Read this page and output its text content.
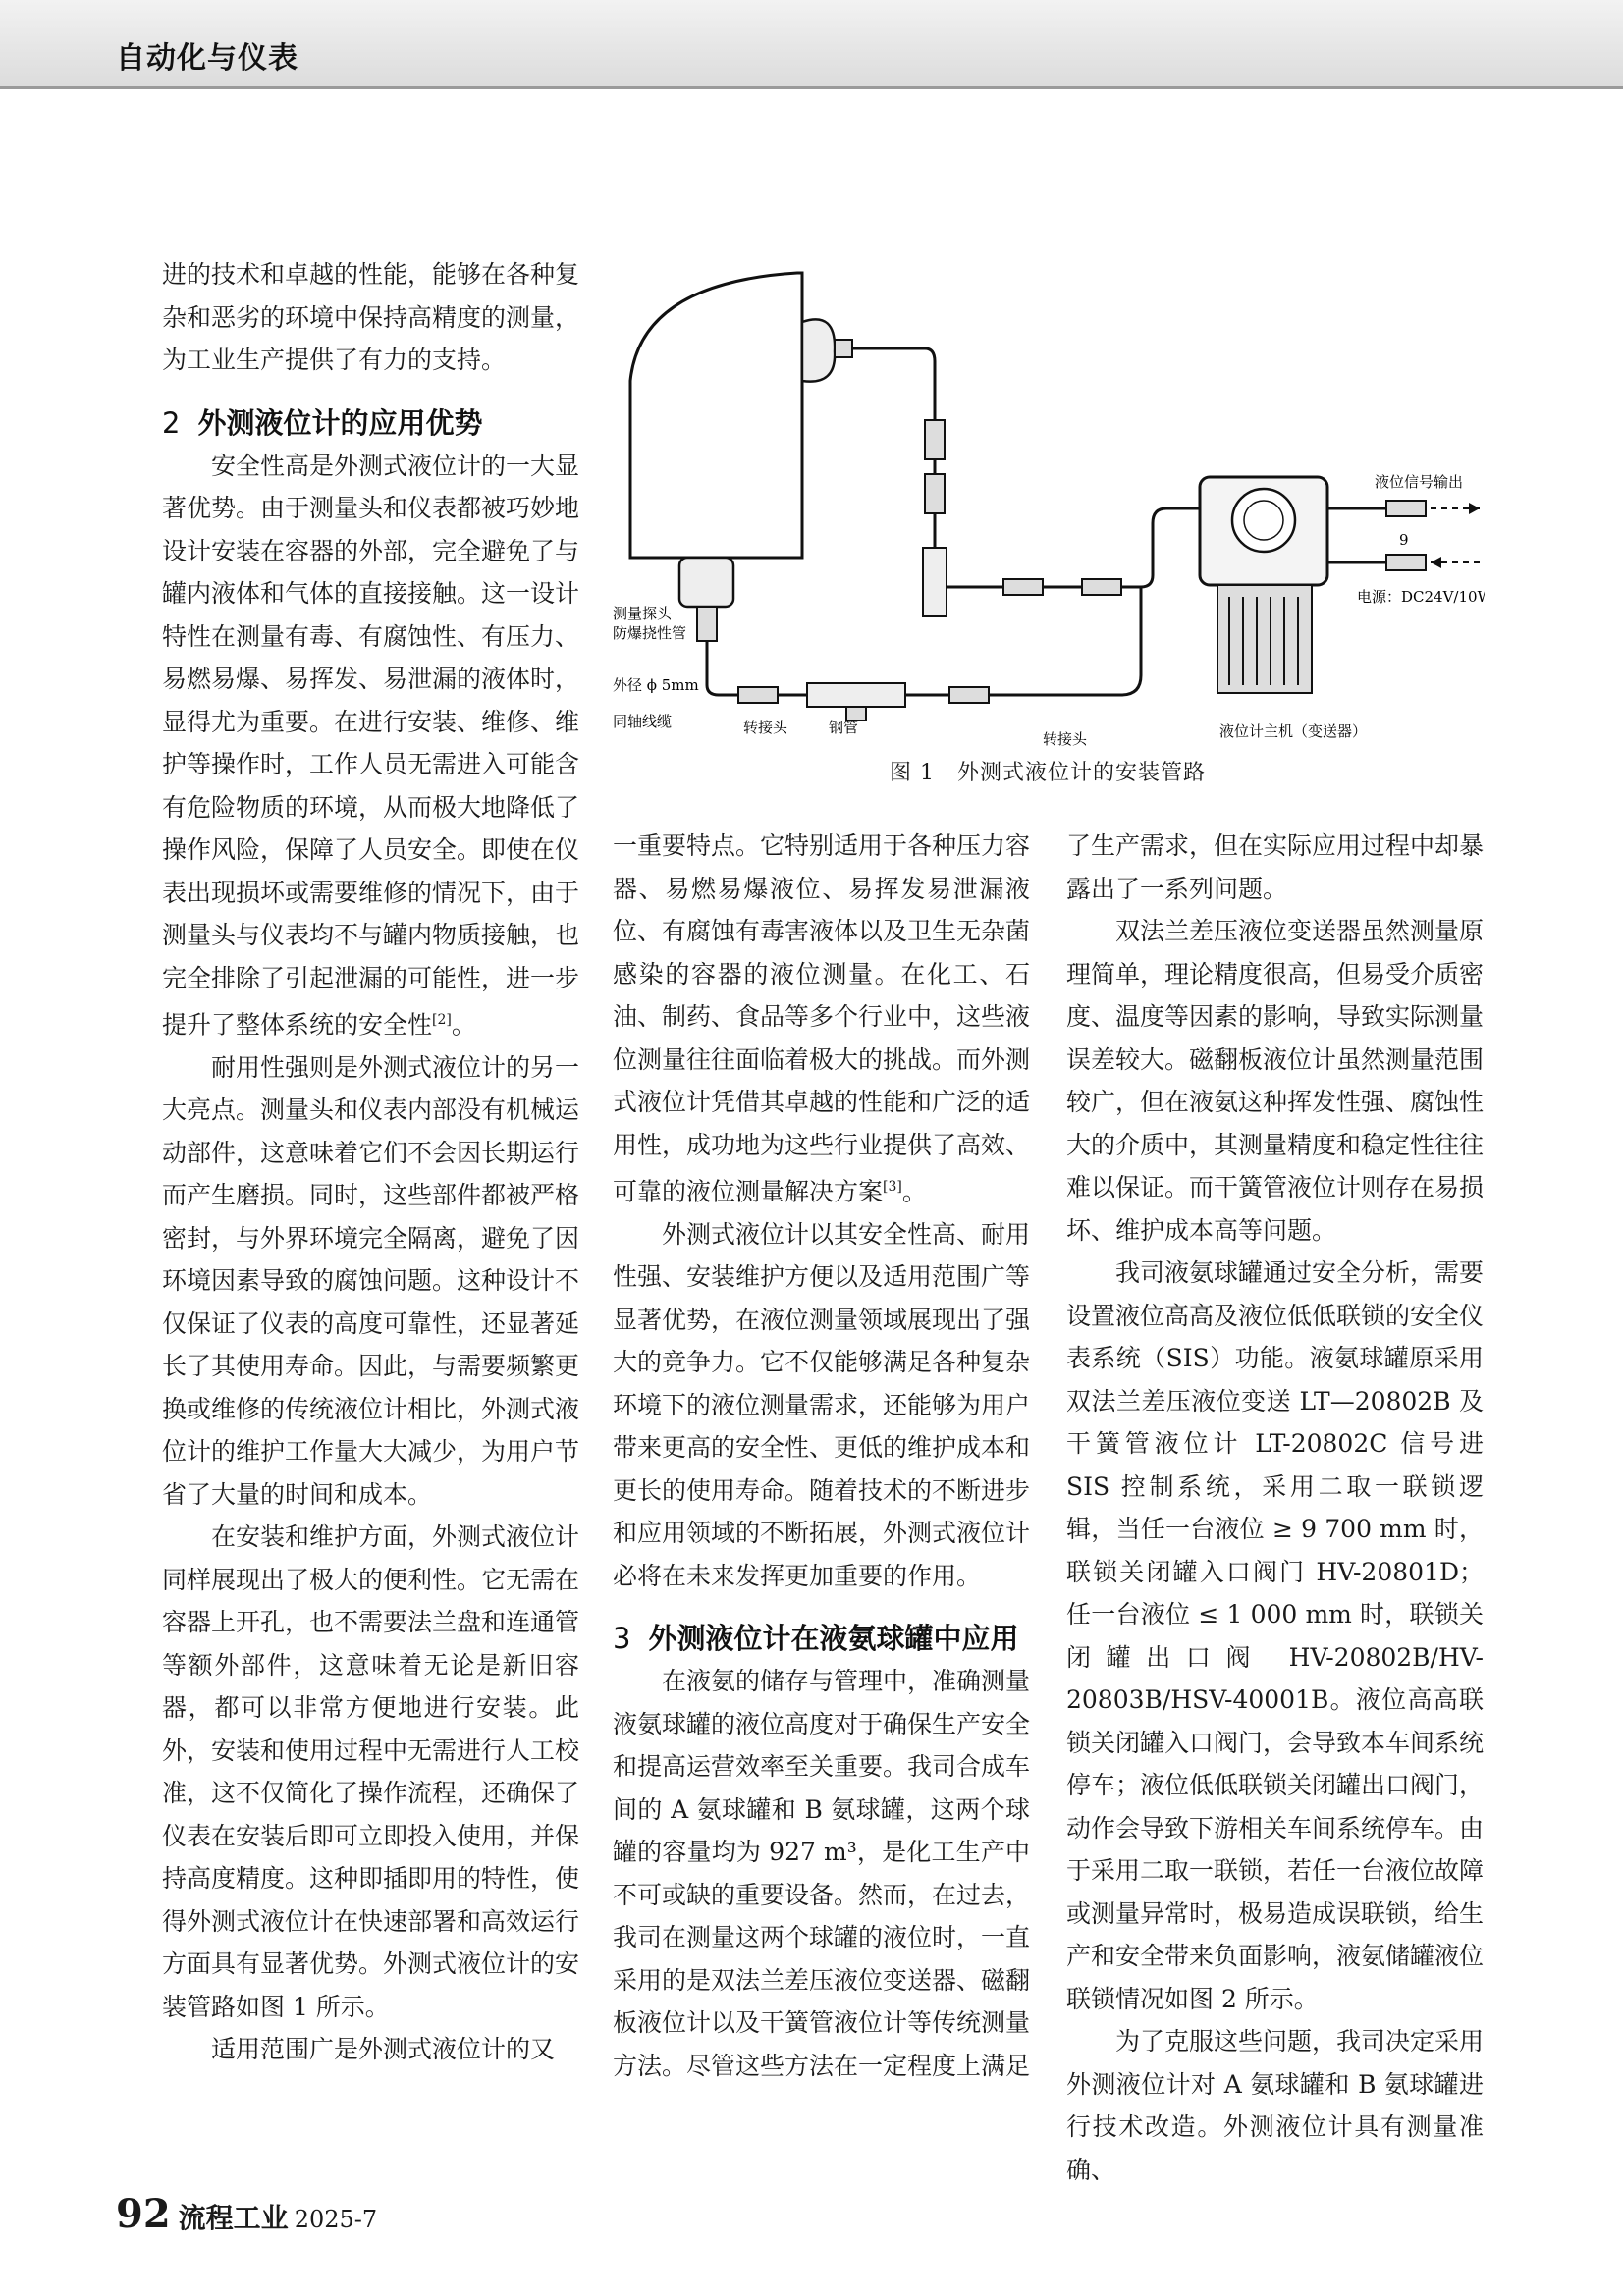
自动化与仪表
测量探头
防爆挠性管
外径 ϕ 5mm
同轴线缆	转接头	钢管
转接头	液位计主机（变送器）
液位信号输出
9
电源：DC24V/10W
图 1　外测式液位计的安装管路

进的技术和卓越的性能，能够在各种复杂和恶劣的环境中保持高精度的测量，为工业生产提供了有力的支持。

2 外测液位计的应用优势

安全性高是外测式液位计的一大显著优势。由于测量头和仪表都被巧妙地设计安装在容器的外部，完全避免了与罐内液体和气体的直接接触。这一设计特性在测量有毒、有腐蚀性、有压力、易燃易爆、易挥发、易泄漏的液体时，显得尤为重要。在进行安装、维修、维护等操作时，工作人员无需进入可能含有危险物质的环境，从而极大地降低了操作风险，保障了人员安全。即使在仪表出现损坏或需要维修的情况下，由于测量头与仪表均不与罐内物质接触，也完全排除了引起泄漏的可能性，进一步提升了整体系统的安全性[2]。

耐用性强则是外测式液位计的另一大亮点。测量头和仪表内部没有机械运动部件，这意味着它们不会因长期运行而产生磨损。同时，这些部件都被严格密封，与外界环境完全隔离，避免了因环境因素导致的腐蚀问题。这种设计不仅保证了仪表的高度可靠性，还显著延长了其使用寿命。因此，与需要频繁更换或维修的传统液位计相比，外测式液位计的维护工作量大大减少，为用户节省了大量的时间和成本。

在安装和维护方面，外测式液位计同样展现出了极大的便利性。它无需在容器上开孔，也不需要法兰盘和连通管等额外部件，这意味着无论是新旧容器，都可以非常方便地进行安装。此外，安装和使用过程中无需进行人工校准，这不仅简化了操作流程，还确保了仪表在安装后即可立即投入使用，并保持高度精度。这种即插即用的特性，使得外测式液位计在快速部署和高效运行方面具有显著优势。外测式液位计的安装管路如图 1 所示。

适用范围广是外测式液位计的又

一重要特点。它特别适用于各种压力容器、易燃易爆液位、易挥发易泄漏液位、有腐蚀有毒害液体以及卫生无杂菌感染的容器的液位测量。在化工、石油、制药、食品等多个行业中，这些液位测量往往面临着极大的挑战。而外测式液位计凭借其卓越的性能和广泛的适用性，成功地为这些行业提供了高效、可靠的液位测量解决方案[3]。

外测式液位计以其安全性高、耐用性强、安装维护方便以及适用范围广等显著优势，在液位测量领域展现出了强大的竞争力。它不仅能够满足各种复杂环境下的液位测量需求，还能够为用户带来更高的安全性、更低的维护成本和更长的使用寿命。随着技术的不断进步和应用领域的不断拓展，外测式液位计必将在未来发挥更加重要的作用。

3 外测液位计在液氨球罐中应用

在液氨的储存与管理中，准确测量液氨球罐的液位高度对于确保生产安全和提高运营效率至关重要。我司合成车间的 A 氨球罐和 B 氨球罐，这两个球罐的容量均为 927 m³，是化工生产中不可或缺的重要设备。然而，在过去，我司在测量这两个球罐的液位时，一直采用的是双法兰差压液位变送器、磁翻板液位计以及干簧管液位计等传统测量方法。尽管这些方法在一定程度上满足

了生产需求，但在实际应用过程中却暴露出了一系列问题。

双法兰差压液位变送器虽然测量原理简单，理论精度很高，但易受介质密度、温度等因素的影响，导致实际测量误差较大。磁翻板液位计虽然测量范围较广，但在液氨这种挥发性强、腐蚀性大的介质中，其测量精度和稳定性往往难以保证。而干簧管液位计则存在易损坏、维护成本高等问题。

我司液氨球罐通过安全分析，需要设置液位高高及液位低低联锁的安全仪表系统（SIS）功能。液氨球罐原采用双法兰差压液位变送 LT—20802B 及干簧管液位计 LT-20802C 信号进 SIS 控制系统，采用二取一联锁逻辑，当任一台液位 ≥ 9 700 mm 时，联锁关闭罐入口阀门 HV-20801D；任一台液位 ≤ 1 000 mm 时，联锁关闭罐出口阀 HV-20802B/HV-20803B/HSV-40001B。液位高高联锁关闭罐入口阀门，会导致本车间系统停车；液位低低联锁关闭罐出口阀门，动作会导致下游相关车间系统停车。由于采用二取一联锁，若任一台液位故障或测量异常时，极易造成误联锁，给生产和安全带来负面影响，液氨储罐液位联锁情况如图 2 所示。

为了克服这些问题，我司决定采用外测液位计对 A 氨球罐和 B 氨球罐进行技术改造。外测液位计具有测量准确、

92 流程工业 2025-7
